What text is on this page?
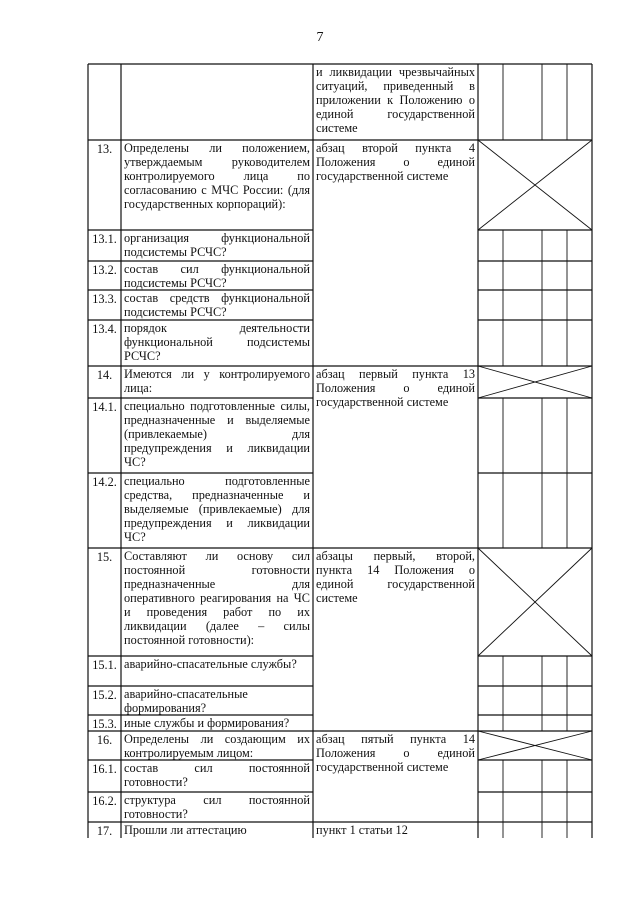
7
и ликвидации чрезвычайных ситуаций, приведенный в приложении к Положению о единой государственной системе
13. Определены ли положением, утверждаемым руководителем контролируемого лица по согласованию с МЧС России: (для государственных корпораций):
абзац второй пункта 4 Положения о единой государственной системе
13.1. организация функциональной подсистемы РСЧС?
13.2. состав сил функциональной подсистемы РСЧС?
13.3. состав средств функциональной подсистемы РСЧС?
13.4. порядок деятельности функциональной подсистемы РСЧС?
14. Имеются ли у контролируемого лица:
абзац первый пункта 13 Положения о единой государственной системе
14.1. специально подготовленные силы, предназначенные и выделяемые (привлекаемые) для предупреждения и ликвидации ЧС?
14.2. специально подготовленные средства, предназначенные и выделяемые (привлекаемые) для предупреждения и ликвидации ЧС?
15. Составляют ли основу сил постоянной готовности предназначенные для оперативного реагирования на ЧС и проведения работ по их ликвидации (далее – силы постоянной готовности):
абзацы первый, второй, пункта 14 Положения о единой государственной системе
15.1. аварийно-спасательные службы?
15.2. аварийно-спасательные формирования?
15.3. иные службы и формирования?
16. Определены ли создающим их контролируемым лицом:
абзац пятый пункта 14 Положения о единой государственной системе
16.1. состав сил постоянной готовности?
16.2. структура сил постоянной готовности?
17. Прошли ли аттестацию	пункт 1 статьи 12
